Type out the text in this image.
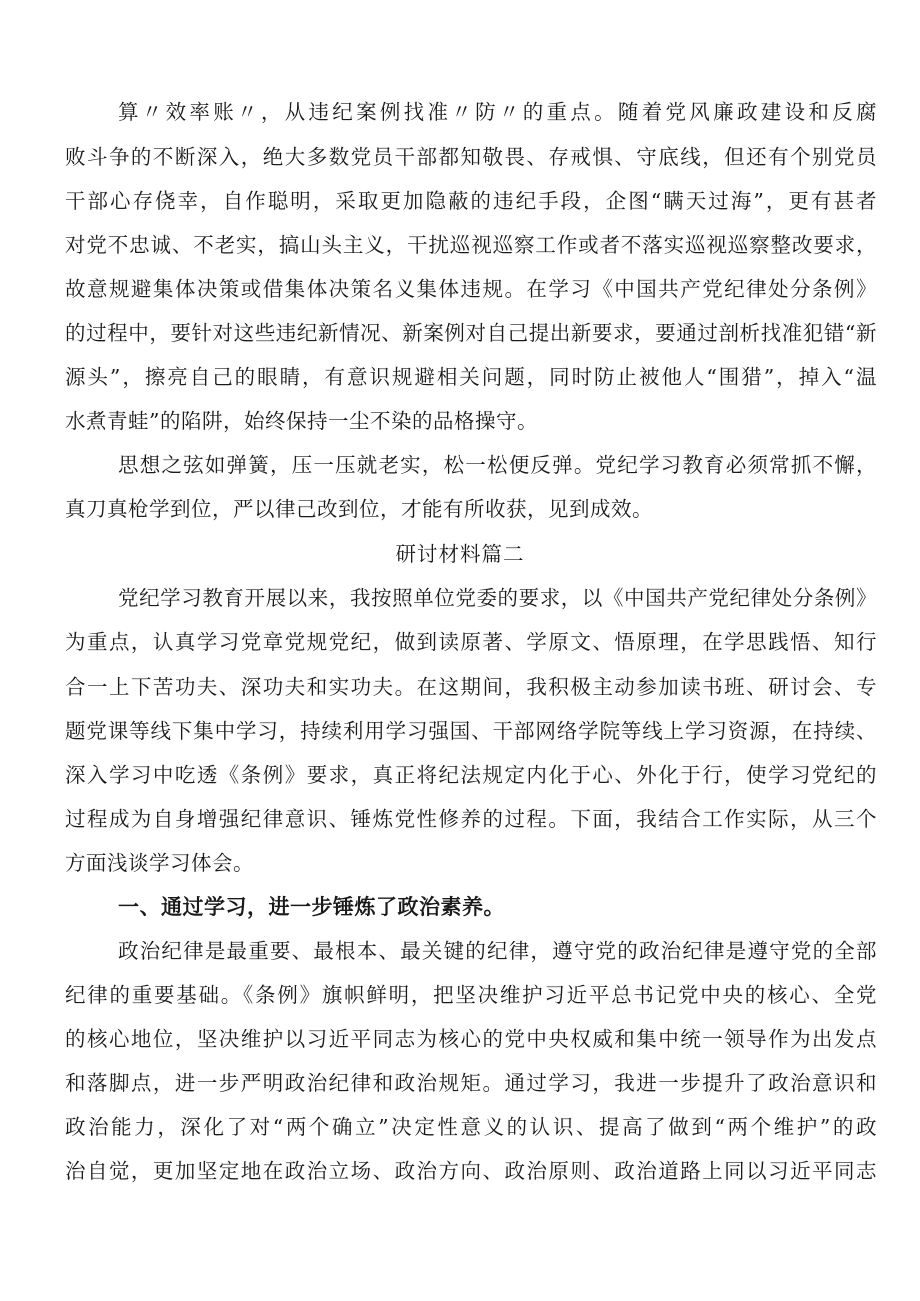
算〃效率账〃，从违纪案例找准〃防〃的重点。随着党风廉政建设和反腐
败斗争的不断深入，绝大多数党员干部都知敬畏、存戒惧、守底线，但还有个别党员
干部心存侥幸，自作聪明，采取更加隐蔽的违纪手段，企图“瞒天过海”，更有甚者
对党不忠诚、不老实，搞山头主义，干扰巡视巡察工作或者不落实巡视巡察整改要求，
故意规避集体决策或借集体决策名义集体违规。在学习《中国共产党纪律处分条例》
的过程中，要针对这些违纪新情况、新案例对自己提出新要求，要通过剖析找准犯错“新
源头”，擦亮自己的眼睛，有意识规避相关问题，同时防止被他人“围猎”，掉入“温
水煮青蛙”的陷阱，始终保持一尘不染的品格操守。
思想之弦如弹簧，压一压就老实，松一松便反弹。党纪学习教育必须常抓不懈，
真刀真枪学到位，严以律己改到位，才能有所收获，见到成效。
研讨材料篇二
党纪学习教育开展以来，我按照单位党委的要求，以《中国共产党纪律处分条例》
为重点，认真学习党章党规党纪，做到读原著、学原文、悟原理，在学思践悟、知行
合一上下苦功夫、深功夫和实功夫。在这期间，我积极主动参加读书班、研讨会、专
题党课等线下集中学习，持续利用学习强国、干部网络学院等线上学习资源，在持续、
深入学习中吃透《条例》要求，真正将纪法规定内化于心、外化于行，使学习党纪的
过程成为自身增强纪律意识、锤炼党性修养的过程。下面，我结合工作实际，从三个
方面浅谈学习体会。
一、通过学习，进一步锤炼了政治素养。
政治纪律是最重要、最根本、最关键的纪律，遵守党的政治纪律是遵守党的全部
纪律的重要基础。《条例》旗帜鲜明，把坚决维护习近平总书记党中央的核心、全党
的核心地位，坚决维护以习近平同志为核心的党中央权威和集中统一领导作为出发点
和落脚点，进一步严明政治纪律和政治规矩。通过学习，我进一步提升了政治意识和
政治能力，深化了对“两个确立”决定性意义的认识、提高了做到“两个维护”的政
治自觉，更加坚定地在政治立场、政治方向、政治原则、政治道路上同以习近平同志
